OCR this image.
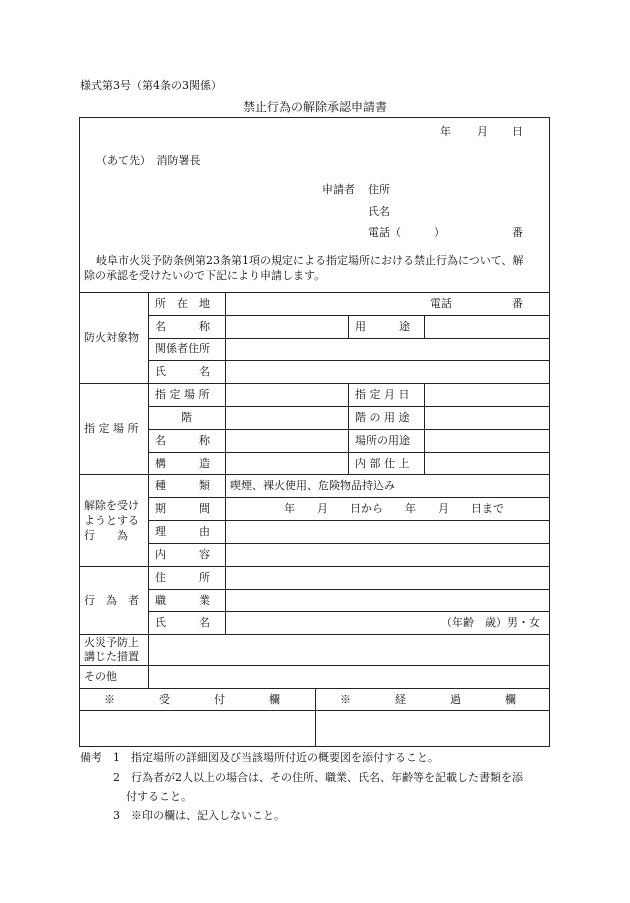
様式第3号（第4条の3関係）
禁止行為の解除承認申請書
年 月 日
（あて先）　消防署長
申請者 住所
氏名
電話（　　　）	番
岐阜市火災予防条例第23条第1項の規定による指定場所における禁止行為について、解
除の承認を受けたいので下記により申請します。
防火対象物
所　在　地	電話	番
名　　　称	用　　　途
関係者住所
氏　　　名
指 定 場 所
指 定 場 所	指 定 月 日
階	階 の 用 途
名　　　称	場所の用途
構　　　造	内 部 仕 上
解除を受け
ようとする
行　　為
種　　　類 喫煙、裸火使用、危険物品持込み
期　　　間	年　　月　　日から　　年　　月　　日まで
理　　　由
内　　　容
行　為　者
住　　　所
職　　　業
氏　　　名	（年齢　歳）男・女
火災予防上
講じた措置
その他
※　　　　受　　　　付　　　　欄	※　　　　経　　　　過　　　　欄
備考 1　指定場所の詳細図及び当該場所付近の概要図を添付すること。
2　行為者が2人以上の場合は、その住所、職業、氏名、年齢等を記載した書類を添
付すること。
3　※印の欄は、記入しないこと。
